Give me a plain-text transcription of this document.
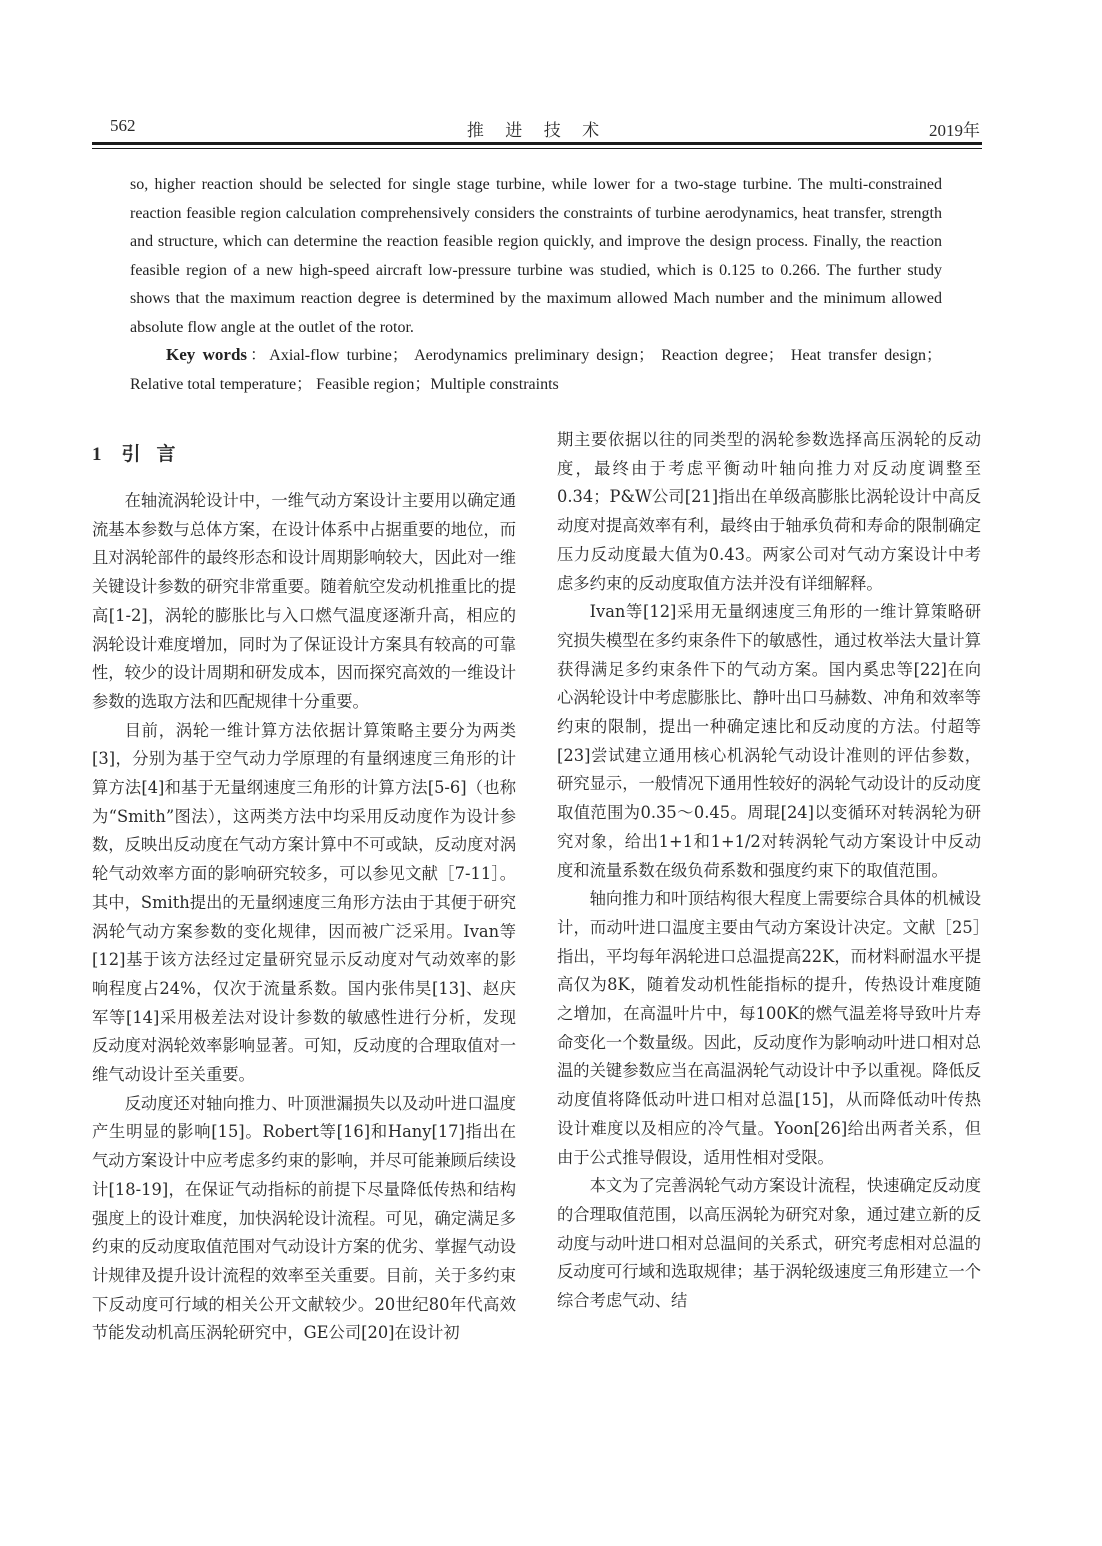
562	推 进 技 术	2019年
so, higher reaction should be selected for single stage turbine, while lower for a two-stage turbine. The multi-constrained reaction feasible region calculation comprehensively considers the constraints of turbine aerodynamics, heat transfer, strength and structure, which can determine the reaction feasible region quickly, and improve the design process. Finally, the reaction feasible region of a new high-speed aircraft low-pressure turbine was studied, which is 0.125 to 0.266. The further study shows that the maximum reaction degree is determined by the maximum allowed Mach number and the minimum allowed absolute flow angle at the outlet of the rotor.
Key words：Axial-flow turbine； Aerodynamics preliminary design； Reaction degree； Heat transfer design；Relative total temperature； Feasible region；Multiple constraints
1 引言

在轴流涡轮设计中，一维气动方案设计主要用以确定通流基本参数与总体方案，在设计体系中占据重要的地位，而且对涡轮部件的最终形态和设计周期影响较大，因此对一维关键设计参数的研究非常重要。随着航空发动机推重比的提高[1-2]，涡轮的膨胀比与入口燃气温度逐渐升高，相应的涡轮设计难度增加，同时为了保证设计方案具有较高的可靠性，较少的设计周期和研发成本，因而探究高效的一维设计参数的选取方法和匹配规律十分重要。

目前，涡轮一维计算方法依据计算策略主要分为两类[3]，分别为基于空气动力学原理的有量纲速度三角形的计算方法[4]和基于无量纲速度三角形的计算方法[5-6]（也称为“Smith”图法），这两类方法中均采用反动度作为设计参数，反映出反动度在气动方案计算中不可或缺，反动度对涡轮气动效率方面的影响研究较多，可以参见文献［7-11］。其中，Smith提出的无量纲速度三角形方法由于其便于研究涡轮气动方案参数的变化规律，因而被广泛采用。Ivan等[12]基于该方法经过定量研究显示反动度对气动效率的影响程度占24%，仅次于流量系数。国内张伟昊[13]、赵庆军等[14]采用极差法对设计参数的敏感性进行分析，发现反动度对涡轮效率影响显著。可知，反动度的合理取值对一维气动设计至关重要。

反动度还对轴向推力、叶顶泄漏损失以及动叶进口温度产生明显的影响[15]。Robert等[16]和Hany[17]指出在气动方案设计中应考虑多约束的影响，并尽可能兼顾后续设计[18-19]，在保证气动指标的前提下尽量降低传热和结构强度上的设计难度，加快涡轮设计流程。可见，确定满足多约束的反动度取值范围对气动设计方案的优劣、掌握气动设计规律及提升设计流程的效率至关重要。目前，关于多约束下反动度可行域的相关公开文献较少。20世纪80年代高效节能发动机高压涡轮研究中，GE公司[20]在设计初

期主要依据以往的同类型的涡轮参数选择高压涡轮的反动度，最终由于考虑平衡动叶轴向推力对反动度调整至0.34；P&W公司[21]指出在单级高膨胀比涡轮设计中高反动度对提高效率有利，最终由于轴承负荷和寿命的限制确定压力反动度最大值为0.43。两家公司对气动方案设计中考虑多约束的反动度取值方法并没有详细解释。

Ivan等[12]采用无量纲速度三角形的一维计算策略研究损失模型在多约束条件下的敏感性，通过枚举法大量计算获得满足多约束条件下的气动方案。国内奚忠等[22]在向心涡轮设计中考虑膨胀比、静叶出口马赫数、冲角和效率等约束的限制，提出一种确定速比和反动度的方法。付超等[23]尝试建立通用核心机涡轮气动设计准则的评估参数，研究显示，一般情况下通用性较好的涡轮气动设计的反动度取值范围为0.35～0.45。周琨[24]以变循环对转涡轮为研究对象，给出1+1和1+1/2对转涡轮气动方案设计中反动度和流量系数在级负荷系数和强度约束下的取值范围。

轴向推力和叶顶结构很大程度上需要综合具体的机械设计，而动叶进口温度主要由气动方案设计决定。文献［25］指出，平均每年涡轮进口总温提高22K，而材料耐温水平提高仅为8K，随着发动机性能指标的提升，传热设计难度随之增加，在高温叶片中，每100K的燃气温差将导致叶片寿命变化一个数量级。因此，反动度作为影响动叶进口相对总温的关键参数应当在高温涡轮气动设计中予以重视。降低反动度值将降低动叶进口相对总温[15]，从而降低动叶传热设计难度以及相应的冷气量。Yoon[26]给出两者关系，但由于公式推导假设，适用性相对受限。

本文为了完善涡轮气动方案设计流程，快速确定反动度的合理取值范围，以高压涡轮为研究对象，通过建立新的反动度与动叶进口相对总温间的关系式，研究考虑相对总温的反动度可行域和选取规律；基于涡轮级速度三角形建立一个综合考虑气动、结
